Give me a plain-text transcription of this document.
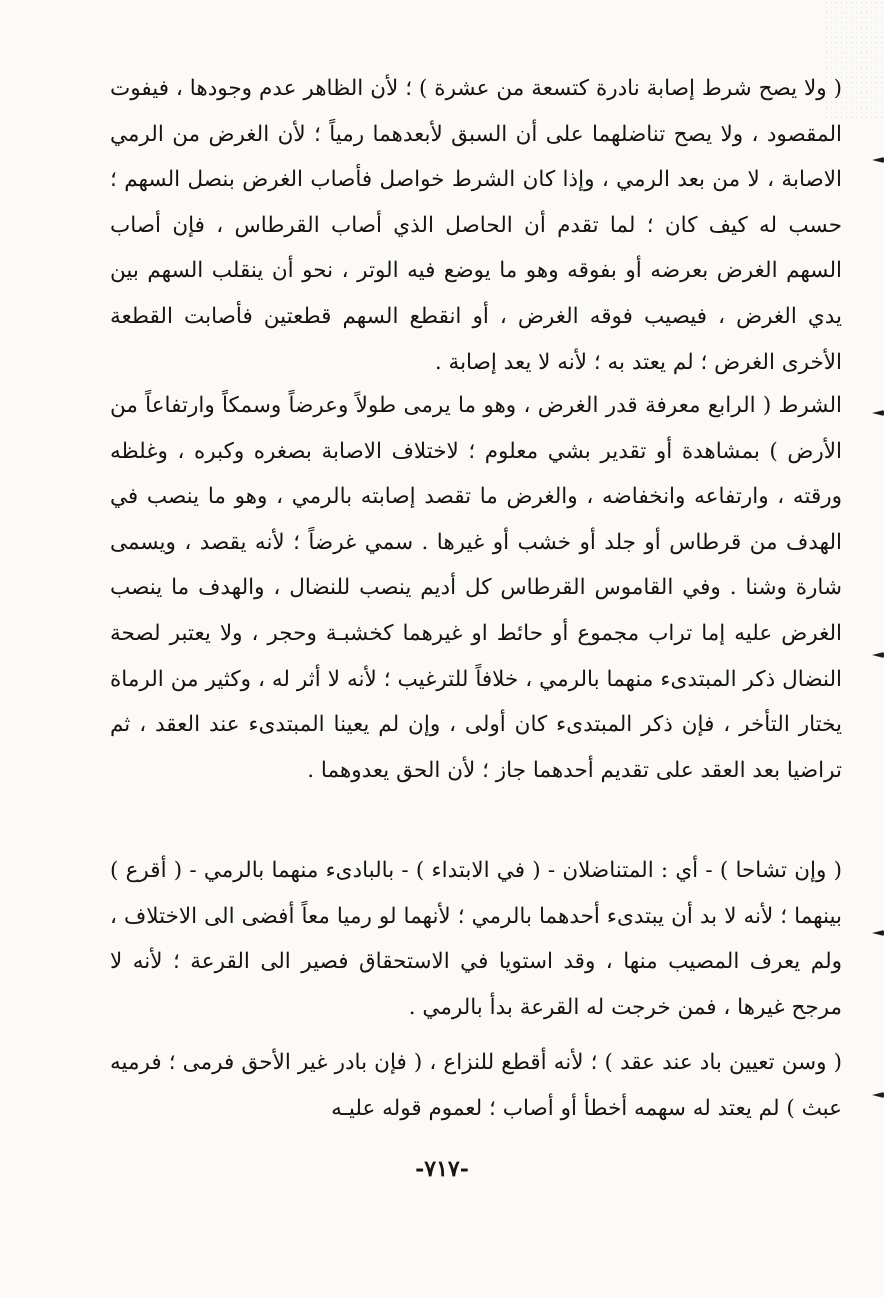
( ولا يصح شرط إصابة نادرة كتسعة من عشرة ) ؛ لأن الظاهر عدم وجودها ، فيفوت المقصود ، ولا يصح تناضلهما على أن السبق لأبعدهما رمياً ؛ لأن الغرض من الرمي الاصابة ، لا من بعد الرمي ، وإذا كان الشرط خواصل فأصاب الغرض بنصل السهم ؛ حسب له كيف كان ؛ لما تقدم أن الحاصل الذي أصاب القرطاس ، فإن أصاب السهم الغرض بعرضه أو بفوقه وهو ما يوضع فيه الوتر ، نحو أن ينقلب السهم بين يدي الغرض ، فيصيب فوقه الغرض ، أو انقطع السهم قطعتين فأصابت القطعة الأخرى الغرض ؛ لم يعتد به ؛ لأنه لا يعد إصابة .

الشرط ( الرابع معرفة قدر الغرض ، وهو ما يرمى طولاً وعرضاً وسمكاً وارتفاعاً من الأرض ) بمشاهدة أو تقدير بشي معلوم ؛ لاختلاف الاصابة بصغره وكبره ، وغلظه ورقته ، وارتفاعه وانخفاضه ، والغرض ما تقصد إصابته بالرمي ، وهو ما ينصب في الهدف من قرطاس أو جلد أو خشب أو غيرها . سمي غرضاً ؛ لأنه يقصد ، ويسمى شارة وشنا . وفي القاموس القرطاس كل أديم ينصب للنضال ، والهدف ما ينصب الغرض عليه إما تراب مجموع أو حائط او غيرهما كخشبـة وحجر ، ولا يعتبر لصحة النضال ذكر المبتدىء منهما بالرمي ، خلافاً للترغيب ؛ لأنه لا أثر له ، وكثير من الرماة يختار التأخر ، فإن ذكر المبتدىء كان أولى ، وإن لم يعينا المبتدىء عند العقد ، ثم تراضيا بعد العقد على تقديم أحدهما جاز ؛ لأن الحق يعدوهما .

( وإن تشاحا ) - أي : المتناضلان - ( في الابتداء ) - بالبادىء منهما بالرمي - ( أقرع ) بينهما ؛ لأنه لا بد أن يبتدىء أحدهما بالرمي ؛ لأنهما لو رميا معاً أفضى الى الاختلاف ، ولم يعرف المصيب منها ، وقد استويا في الاستحقاق فصير الى القرعة ؛ لأنه لا مرجح غيرها ، فمن خرجت له القرعة بدأ بالرمي .

( وسن تعيين باد عند عقد ) ؛ لأنه أقطع للنزاع ، ( فإن بادر غير الأحق فرمى ؛ فرميه عبث ) لم يعتد له سهمه أخطأ أو أصاب ؛ لعموم قوله عليـه

-٧١٧-
